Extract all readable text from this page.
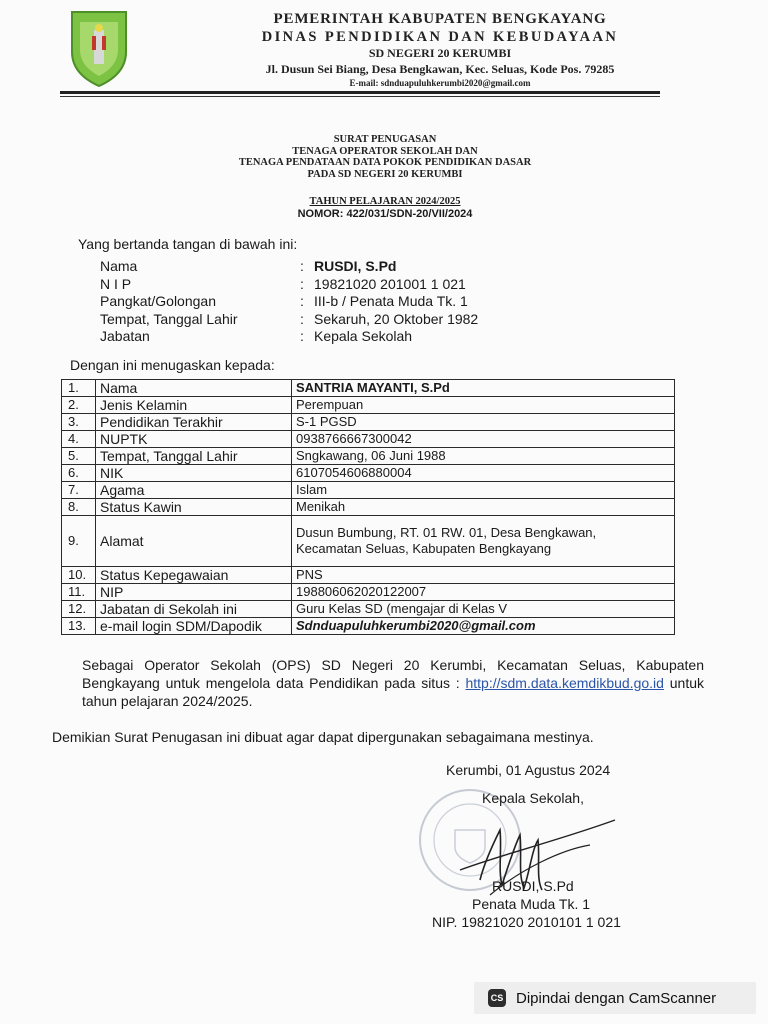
PEMERINTAH KABUPATEN BENGKAYANG
DINAS PENDIDIKAN DAN KEBUDAYAAN
SD NEGERI 20 KERUMBI
Jl. Dusun Sei Biang, Desa Bengkawan, Kec. Seluas, Kode Pos. 79285
E-mail: sdnduapuluhkerumbi2020@gmail.com
SURAT PENUGASAN
TENAGA OPERATOR SEKOLAH DAN
TENAGA PENDATAAN DATA POKOK PENDIDIKAN DASAR
PADA SD NEGERI 20 KERUMBI
TAHUN PELAJARAN 2024/2025
NOMOR: 422/031/SDN-20/VII/2024
Yang bertanda tangan di bawah ini:
Nama	: RUSDI, S.Pd
N I P	: 19821020 201001 1 021
Pangkat/Golongan	: III-b / Penata Muda Tk. 1
Tempat, Tanggal Lahir	: Sekaruh, 20 Oktober 1982
Jabatan	: Kepala Sekolah
Dengan ini menugaskan kepada:
1.	Nama	SANTRIA MAYANTI, S.Pd
2.	Jenis Kelamin	Perempuan
3.	Pendidikan Terakhir	S-1 PGSD
4.	NUPTK	0938766667300042
5.	Tempat, Tanggal Lahir	Sngkawang, 06 Juni 1988
6.	NIK	6107054606880004
7.	Agama	Islam
8.	Status Kawin	Menikah
9.	Alamat	Dusun Bumbung, RT. 01 RW. 01, Desa Bengkawan,
Kecamatan Seluas, Kabupaten Bengkayang

10.	Status Kepegawaian	PNS
11.	NIP	198806062020122007
12.	Jabatan di Sekolah ini	Guru Kelas SD (mengajar di Kelas V
13.	e-mail login SDM/Dapodik	Sdnduapuluhkerumbi2020@gmail.com
Sebagai Operator Sekolah (OPS) SD Negeri 20 Kerumbi, Kecamatan Seluas, Kabupaten Bengkayang untuk mengelola data Pendidikan pada situs : http://sdm.data.kemdikbud.go.id untuk tahun pelajaran 2024/2025.
Demikian Surat Penugasan ini dibuat agar dapat dipergunakan sebagaimana mestinya.
Kerumbi, 01 Agustus 2024
Kepala Sekolah,
RUSDI, S.Pd
Penata Muda Tk. 1
NIP. 19821020 2010101 1 021
CS Dipindai dengan CamScanner
